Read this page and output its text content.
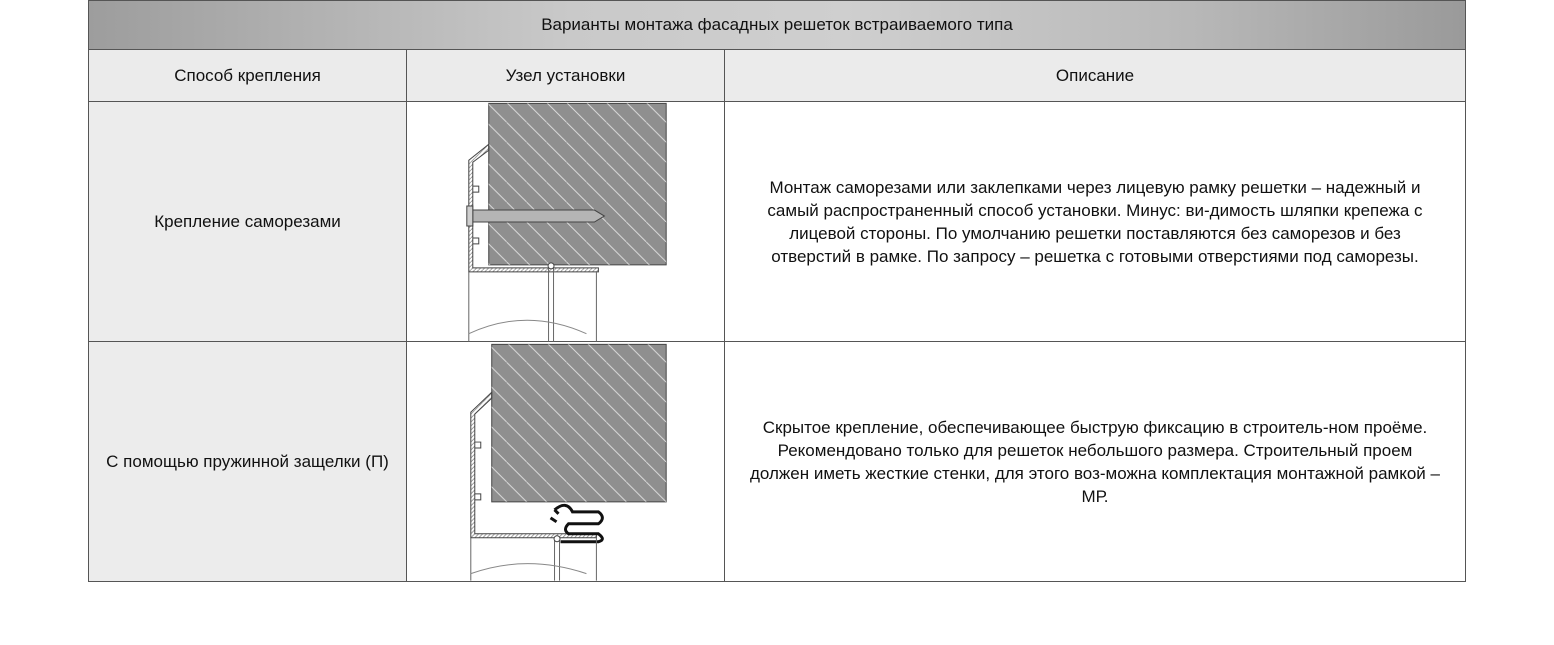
Варианты монтажа фасадных решеток встраиваемого типа
Способ крепления	Узел установки	Описание
Крепление саморезами
Монтаж саморезами или заклепками через лицевую рамку решетки – надежный и самый распространенный способ установки. Минус: ви-димость шляпки крепежа с лицевой стороны. По умолчанию решетки поставляются без саморезов и без отверстий в рамке. По запросу – решетка с готовыми отверстиями под саморезы.
С помощью пружинной защелки (П)
Скрытое крепление, обеспечивающее быструю фиксацию в строитель-ном проёме. Рекомендовано только для решеток небольшого размера. Строительный проем должен иметь жесткие стенки, для этого воз-можна комплектация монтажной рамкой – МР.
